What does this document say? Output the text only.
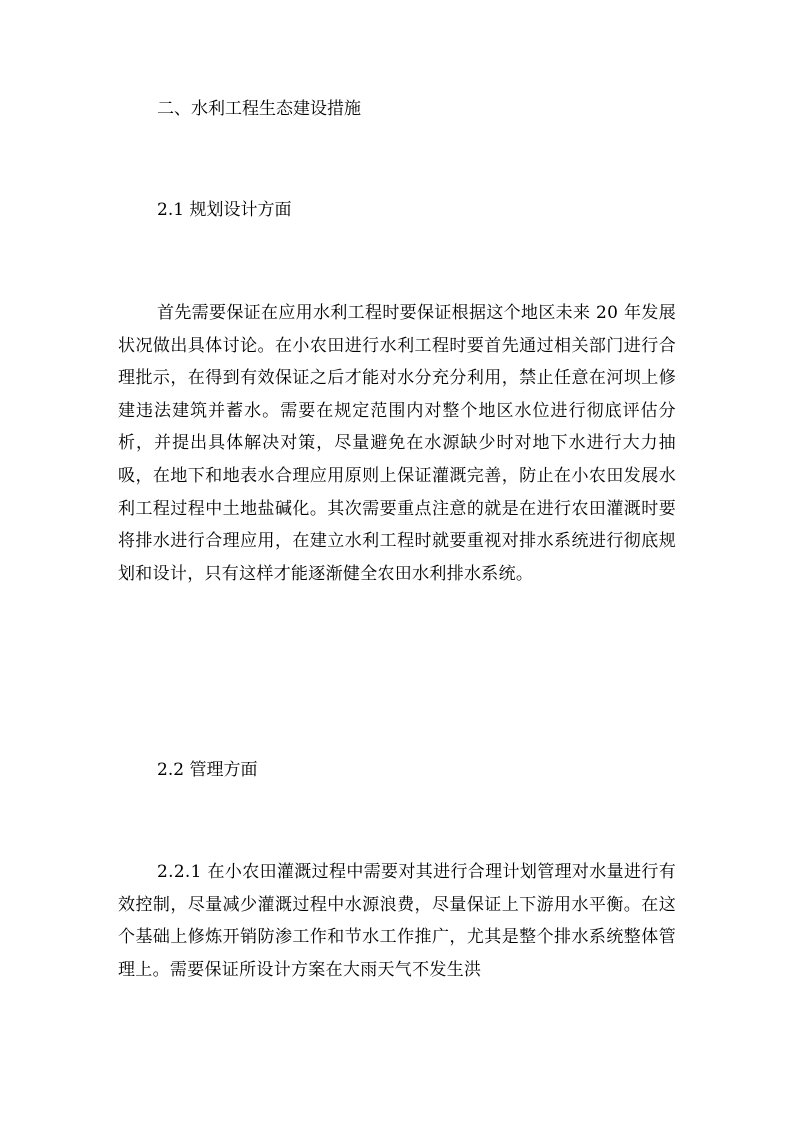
二、水利工程生态建设措施
2.1 规划设计方面
首先需要保证在应用水利工程时要保证根据这个地区未来 20 年发展状况做出具体讨论。在小农田进行水利工程时要首先通过相关部门进行合理批示，在得到有效保证之后才能对水分充分利用，禁止任意在河坝上修建违法建筑并蓄水。需要在规定范围内对整个地区水位进行彻底评估分析，并提出具体解决对策，尽量避免在水源缺少时对地下水进行大力抽吸，在地下和地表水合理应用原则上保证灌溉完善，防止在小农田发展水利工程过程中土地盐碱化。其次需要重点注意的就是在进行农田灌溉时要将排水进行合理应用，在建立水利工程时就要重视对排水系统进行彻底规划和设计，只有这样才能逐渐健全农田水利排水系统。
2.2 管理方面
2.2.1 在小农田灌溉过程中需要对其进行合理计划管理对水量进行有效控制，尽量减少灌溉过程中水源浪费，尽量保证上下游用水平衡。在这个基础上修炼开销防渗工作和节水工作推广，尤其是整个排水系统整体管理上。需要保证所设计方案在大雨天气不发生洪
